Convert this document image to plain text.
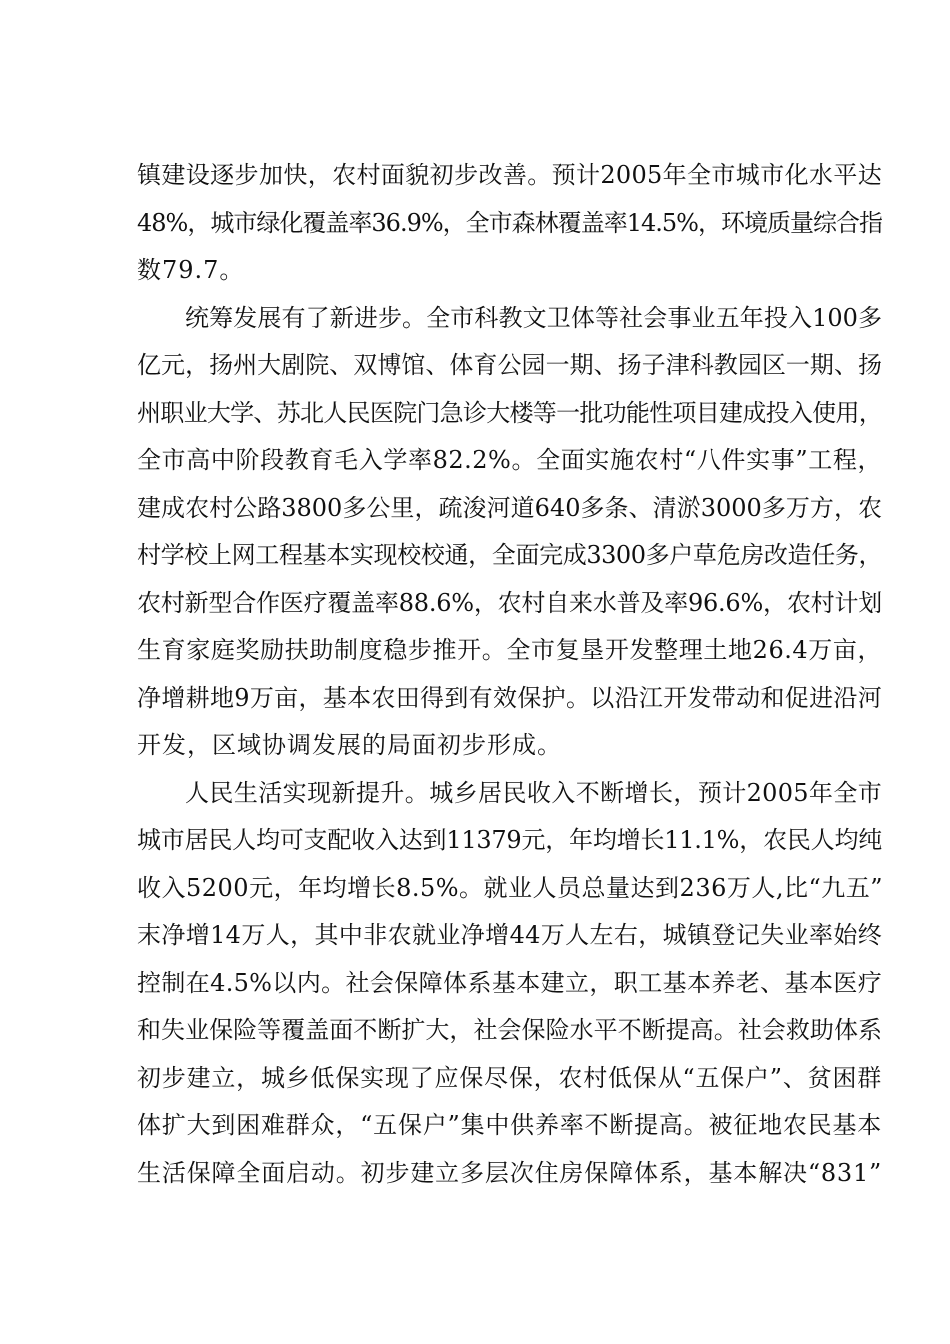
镇建设逐步加快，农村面貌初步改善。预计2005年全市城市化水平达
48%，城市绿化覆盖率36.9%，全市森林覆盖率14.5%，环境质量综合指
数79.7。
统筹发展有了新进步。全市科教文卫体等社会事业五年投入100多
亿元，扬州大剧院、双博馆、体育公园一期、扬子津科教园区一期、扬
州职业大学、苏北人民医院门急诊大楼等一批功能性项目建成投入使用，
全市高中阶段教育毛入学率82.2%。全面实施农村“八件实事”工程，
建成农村公路3800多公里，疏浚河道640多条、清淤3000多万方，农
村学校上网工程基本实现校校通，全面完成3300多户草危房改造任务，
农村新型合作医疗覆盖率88.6%，农村自来水普及率96.6%，农村计划
生育家庭奖励扶助制度稳步推开。全市复垦开发整理土地26.4万亩，
净增耕地9万亩，基本农田得到有效保护。以沿江开发带动和促进沿河
开发，区域协调发展的局面初步形成。
人民生活实现新提升。城乡居民收入不断增长，预计2005年全市
城市居民人均可支配收入达到11379元，年均增长11.1%，农民人均纯
收入5200元，年均增长8.5%。就业人员总量达到236万人,比“九五”
末净增14万人，其中非农就业净增44万人左右，城镇登记失业率始终
控制在4.5%以内。社会保障体系基本建立，职工基本养老、基本医疗
和失业保险等覆盖面不断扩大，社会保险水平不断提高。社会救助体系
初步建立，城乡低保实现了应保尽保，农村低保从“五保户”、贫困群
体扩大到困难群众，“五保户”集中供养率不断提高。被征地农民基本
生活保障全面启动。初步建立多层次住房保障体系，基本解决“831”
